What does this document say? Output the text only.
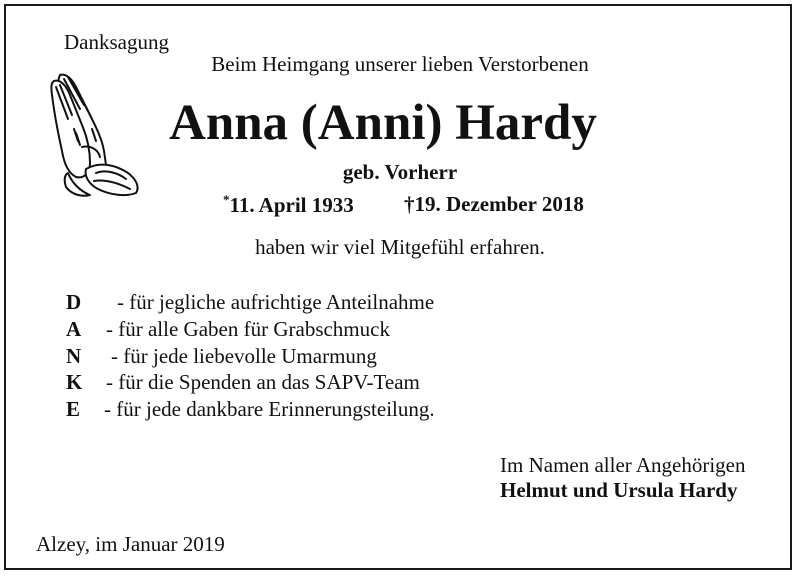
Danksagung
Beim Heimgang unserer lieben Verstorbenen
Anna (Anni) Hardy
geb. Vorherr
*11. April 1933 †19. Dezember 2018
haben wir viel Mitgefühl erfahren.
D - für jegliche aufrichtige Anteilnahme
A - für alle Gaben für Grabschmuck
N - für jede liebevolle Umarmung
K - für die Spenden an das SAPV-Team
E - für jede dankbare Erinnerungsteilung.
Im Namen aller Angehörigen
Helmut und Ursula Hardy
Alzey, im Januar 2019
